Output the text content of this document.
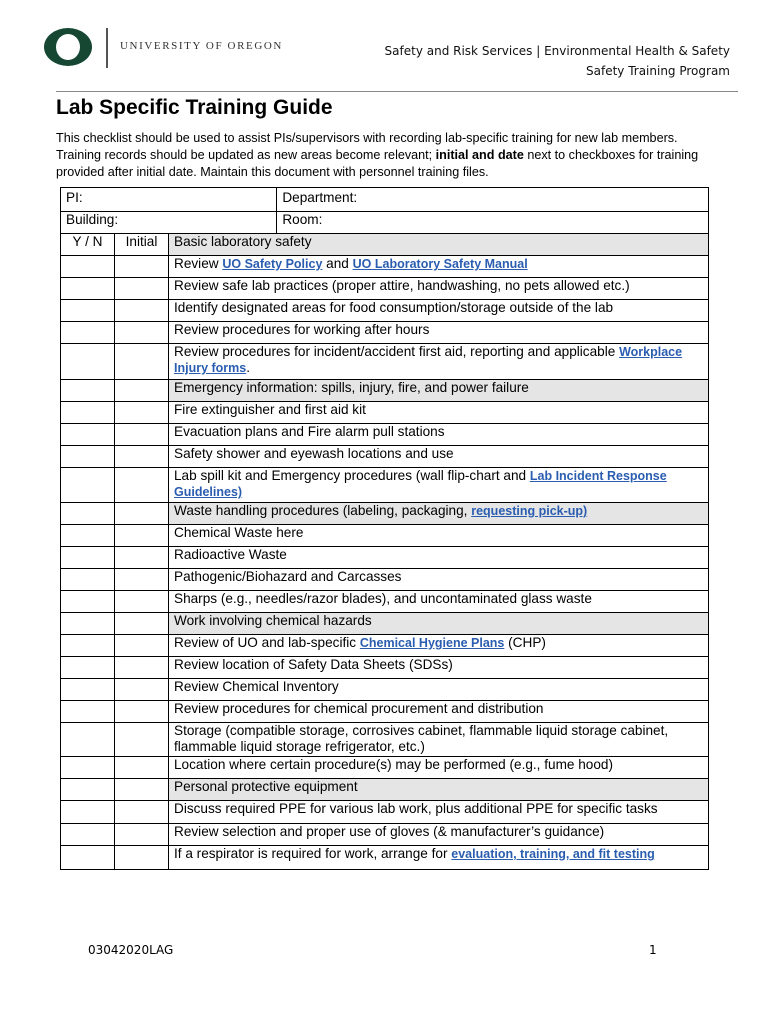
UNIVERSITY OF OREGON	Safety and Risk Services | Environmental Health & Safety
Safety Training Program
Lab Specific Training Guide
This checklist should be used to assist PIs/supervisors with recording lab-specific training for new lab members. Training records should be updated as new areas become relevant; initial and date next to checkboxes for training provided after initial date. Maintain this document with personnel training files.
PI:			Department:
Building:			Room:
Y / N	Initial	Basic laboratory safety	
		Review UO Safety Policy and UO Laboratory Safety Manual	
		Review safe lab practices (proper attire, handwashing, no pets allowed etc.)	
		Identify designated areas for food consumption/storage outside of the lab	
		Review procedures for working after hours	
		Review procedures for incident/accident first aid, reporting and applicable Workplace Injury forms.	
		Emergency information: spills, injury, fire, and power failure	
		Fire extinguisher and first aid kit	
		Evacuation plans and Fire alarm pull stations	
		Safety shower and eyewash locations and use	
		Lab spill kit and Emergency procedures (wall flip-chart and Lab Incident Response Guidelines)	
		Waste handling procedures (labeling, packaging, requesting pick-up)	
		Chemical Waste here	
		Radioactive Waste	
		Pathogenic/Biohazard and Carcasses	
		Sharps (e.g., needles/razor blades), and uncontaminated glass waste	
		Work involving chemical hazards	
		Review of UO and lab-specific Chemical Hygiene Plans (CHP)	
		Review location of Safety Data Sheets (SDSs)	
		Review Chemical Inventory	
		Review procedures for chemical procurement and distribution	
		Storage (compatible storage, corrosives cabinet, flammable liquid storage cabinet, flammable liquid storage refrigerator, etc.)	
		Location where certain procedure(s) may be performed (e.g., fume hood)	
		Personal protective equipment	
		Discuss required PPE for various lab work, plus additional PPE for specific tasks	
		Review selection and proper use of gloves (& manufacturer’s guidance)	
		If a respirator is required for work, arrange for evaluation, training, and fit testing	
03042020LAG	1
